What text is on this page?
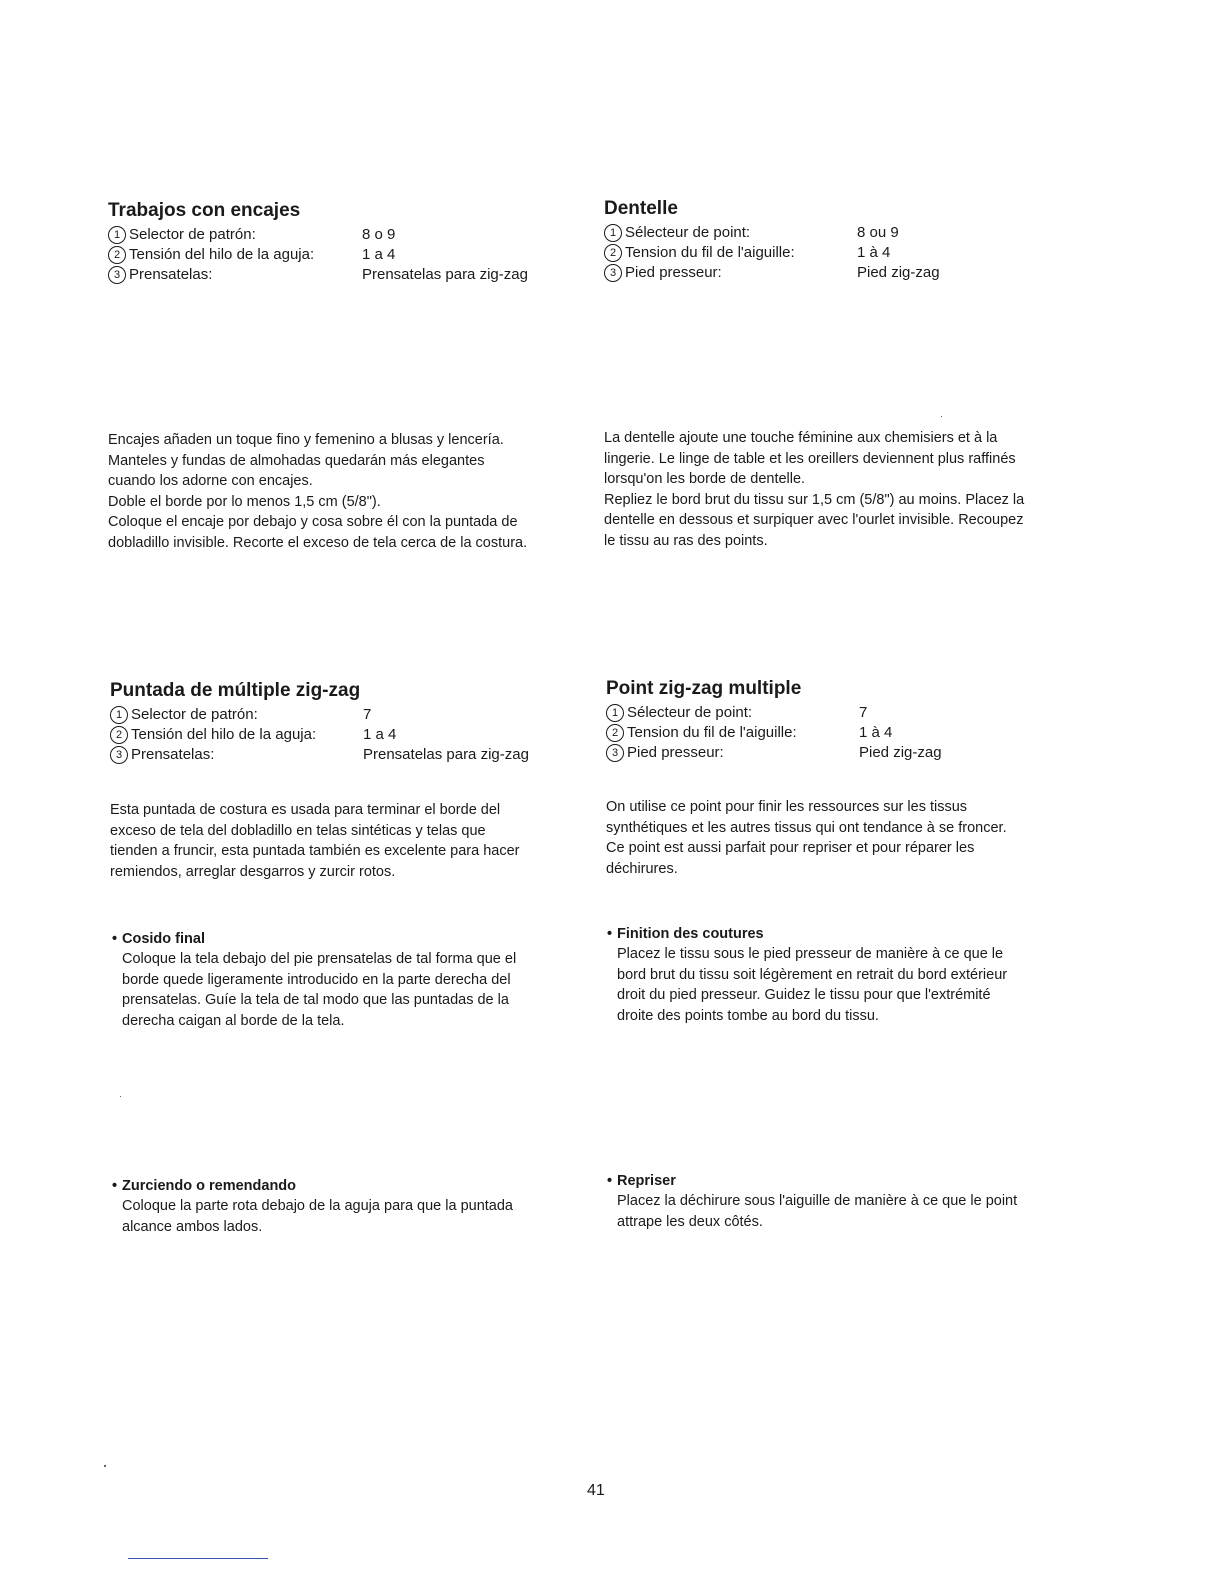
Trabajos con encajes
1 Selector de patrón:	8 o 9
2 Tensión del hilo de la aguja:	1 a 4
3 Prensatelas:	Prensatelas para zig-zag
Dentelle
1 Sélecteur de point:	8 ou 9
2 Tension du fil de l'aiguille:	1 à 4
3 Pied presseur:	Pied zig-zag

Encajes añaden un toque fino y femenino a blusas y lencería.

Manteles y fundas de almohadas quedarán más elegantes

cuando los adorne con encajes.

Doble el borde por lo menos 1,5 cm (5/8").

Coloque el encaje por debajo y cosa sobre él con la puntada de

dobladillo invisible. Recorte el exceso de tela cerca de la costura.

La dentelle ajoute une touche féminine aux chemisiers et à la

lingerie. Le linge de table et les oreillers deviennent plus raffinés

lorsqu'on les borde de dentelle.

Repliez le bord brut du tissu sur 1,5 cm (5/8") au moins. Placez la

dentelle en dessous et surpiquer avec l'ourlet invisible. Recoupez

le tissu au ras des points.

Puntada de múltiple zig-zag
1 Selector de patrón:	7
2 Tensión del hilo de la aguja:	1 a 4
3 Prensatelas:	Prensatelas para zig-zag
Point zig-zag multiple
1 Sélecteur de point:	7
2 Tension du fil de l'aiguille:	1 à 4
3 Pied presseur:	Pied zig-zag

Esta puntada de costura es usada para terminar el borde del

exceso de tela del dobladillo en telas sintéticas y telas que

tienden a fruncir, esta puntada también es excelente para hacer

remiendos, arreglar desgarros y zurcir rotos.

On utilise ce point pour finir les ressources sur les tissus

synthétiques et les autres tissus qui ont tendance à se froncer.

Ce point est aussi parfait pour repriser et pour réparer les

déchirures.

• Cosido final
Coloque la tela debajo del pie prensatelas de tal forma que el
borde quede ligeramente introducido en la parte derecha del
prensatelas. Guíe la tela de tal modo que las puntadas de la
derecha caigan al borde de la tela.
• Finition des coutures
Placez le tissu sous le pied presseur de manière à ce que le
bord brut du tissu soit légèrement en retrait du bord extérieur
droit du pied presseur. Guidez le tissu pour que l'extrémité
droite des points tombe au bord du tissu.
• Zurciendo o remendando
Coloque la parte rota debajo de la aguja para que la puntada
alcance ambos lados.
• Repriser
Placez la déchirure sous l'aiguille de manière à ce que le point
attrape les deux côtés.
41
